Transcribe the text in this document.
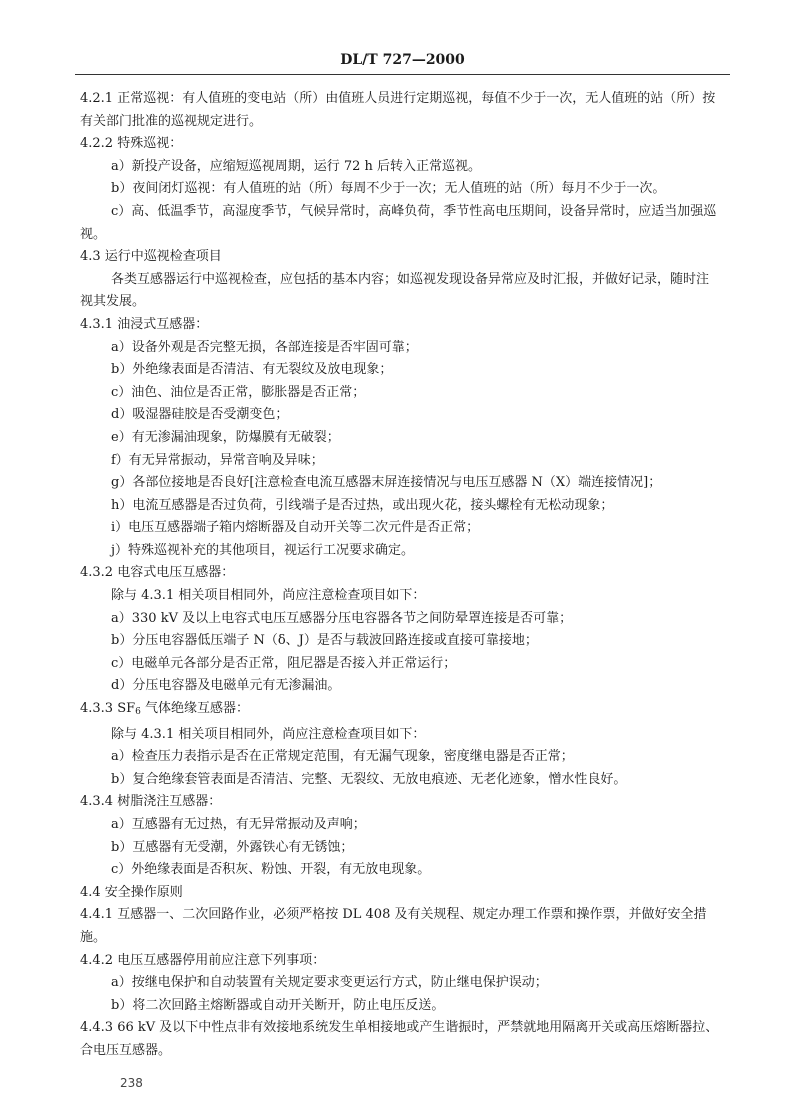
DL/T 727—2000

4.2.1 正常巡视：有人值班的变电站（所）由值班人员进行定期巡视，每值不少于一次，无人值班的站（所）按有关部门批准的巡视规定进行。

4.2.2 特殊巡视：

a）新投产设备，应缩短巡视周期，运行 72 h 后转入正常巡视。

b）夜间闭灯巡视：有人值班的站（所）每周不少于一次；无人值班的站（所）每月不少于一次。

c）高、低温季节，高湿度季节，气候异常时，高峰负荷，季节性高电压期间，设备异常时，应适当加强巡视。

4.3 运行中巡视检查项目

各类互感器运行中巡视检查，应包括的基本内容；如巡视发现设备异常应及时汇报，并做好记录，随时注视其发展。

4.3.1 油浸式互感器：

a）设备外观是否完整无损，各部连接是否牢固可靠；

b）外绝缘表面是否清洁、有无裂纹及放电现象；

c）油色、油位是否正常，膨胀器是否正常；

d）吸湿器硅胶是否受潮变色；

e）有无渗漏油现象，防爆膜有无破裂；

f）有无异常振动，异常音响及异味；

g）各部位接地是否良好[注意检查电流互感器末屏连接情况与电压互感器 N（X）端连接情况]；

h）电流互感器是否过负荷，引线端子是否过热，或出现火花，接头螺栓有无松动现象；

i）电压互感器端子箱内熔断器及自动开关等二次元件是否正常；

j）特殊巡视补充的其他项目，视运行工况要求确定。

4.3.2 电容式电压互感器：

除与 4.3.1 相关项目相同外，尚应注意检查项目如下：

a）330 kV 及以上电容式电压互感器分压电容器各节之间防晕罩连接是否可靠；

b）分压电容器低压端子 N（δ、J）是否与载波回路连接或直接可靠接地；

c）电磁单元各部分是否正常，阻尼器是否接入并正常运行；

d）分压电容器及电磁单元有无渗漏油。

4.3.3 $SF_6$ 气体绝缘互感器：

除与 4.3.1 相关项目相同外，尚应注意检查项目如下：

a）检查压力表指示是否在正常规定范围，有无漏气现象，密度继电器是否正常；

b）复合绝缘套管表面是否清洁、完整、无裂纹、无放电痕迹、无老化迹象，憎水性良好。

4.3.4 树脂浇注互感器：

a）互感器有无过热，有无异常振动及声响；

b）互感器有无受潮，外露铁心有无锈蚀；

c）外绝缘表面是否积灰、粉蚀、开裂，有无放电现象。

4.4 安全操作原则

4.4.1 互感器一、二次回路作业，必须严格按 DL 408 及有关规程、规定办理工作票和操作票，并做好安全措施。

4.4.2 电压互感器停用前应注意下列事项：

a）按继电保护和自动装置有关规定要求变更运行方式，防止继电保护误动；

b）将二次回路主熔断器或自动开关断开，防止电压反送。

4.4.3 66 kV 及以下中性点非有效接地系统发生单相接地或产生谐振时，严禁就地用隔离开关或高压熔断器拉、合电压互感器。

238
